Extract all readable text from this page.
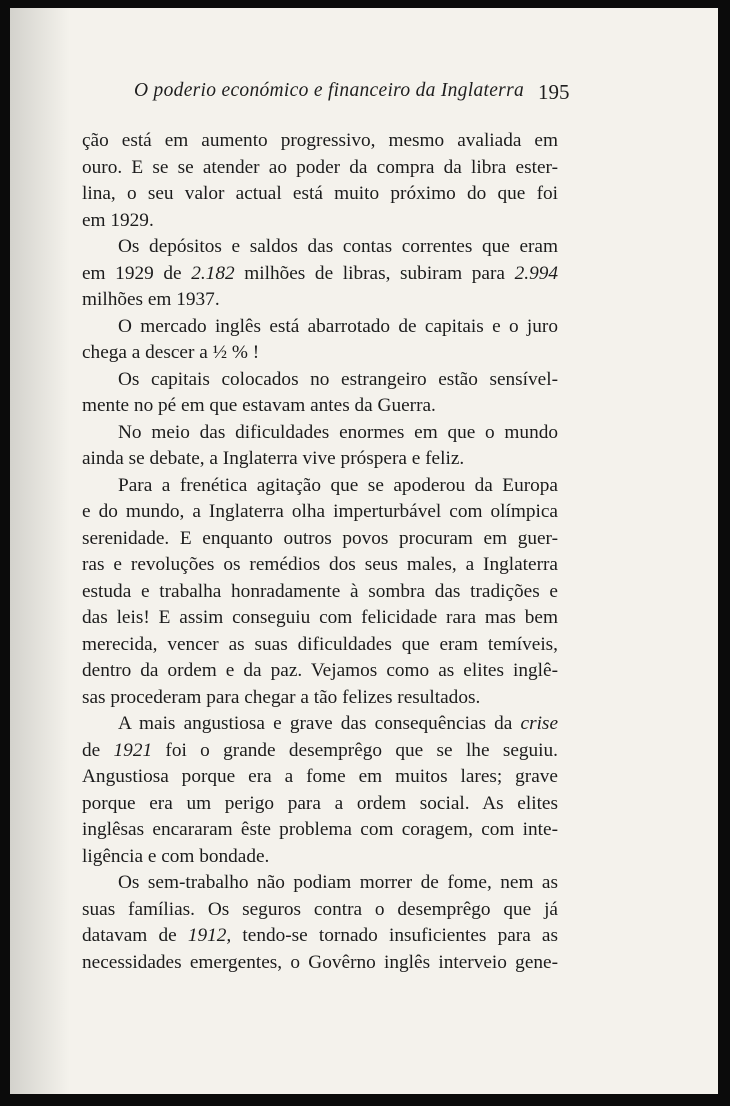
O poderio económico e financeiro da Inglaterra 195

ção está em aumento progressivo, mesmo avaliada em

ouro. E se se atender ao poder da compra da libra ester-

lina, o seu valor actual está muito próximo do que foi

em 1929.

Os depósitos e saldos das contas correntes que eram

em 1929 de 2.182 milhões de libras, subiram para 2.994

milhões em 1937.

O mercado inglês está abarrotado de capitais e o juro

chega a descer a ½ % !

Os capitais colocados no estrangeiro estão sensível-

mente no pé em que estavam antes da Guerra.

No meio das dificuldades enormes em que o mundo

ainda se debate, a Inglaterra vive próspera e feliz.

Para a frenética agitação que se apoderou da Europa

e do mundo, a Inglaterra olha imperturbável com olímpica

serenidade. E enquanto outros povos procuram em guer-

ras e revoluções os remédios dos seus males, a Inglaterra

estuda e trabalha honradamente à sombra das tradições e

das leis! E assim conseguiu com felicidade rara mas bem

merecida, vencer as suas dificuldades que eram temíveis,

dentro da ordem e da paz. Vejamos como as elites inglê-

sas procederam para chegar a tão felizes resultados.

A mais angustiosa e grave das consequências da crise

de 1921 foi o grande desemprêgo que se lhe seguiu.

Angustiosa porque era a fome em muitos lares; grave

porque era um perigo para a ordem social. As elites

inglêsas encararam êste problema com coragem, com inte-

ligência e com bondade.

Os sem-trabalho não podiam morrer de fome, nem as

suas famílias. Os seguros contra o desemprêgo que já

datavam de 1912, tendo-se tornado insuficientes para as

necessidades emergentes, o Govêrno inglês interveio gene-
